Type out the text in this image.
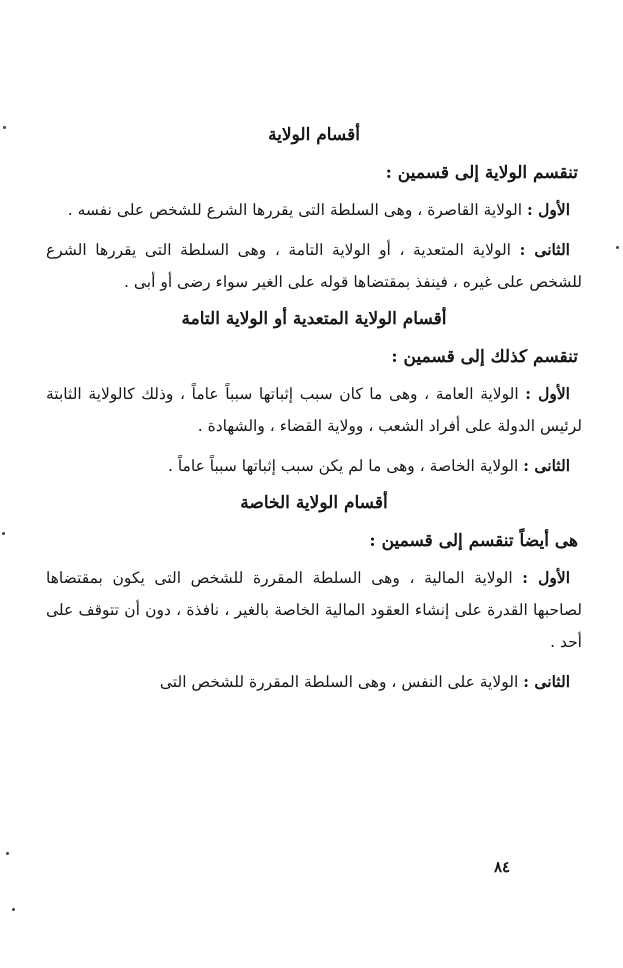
أقسام الولاية
تنقسم الولاية إلى قسمين :

الأول : الولاية القاصرة ، وهى السلطة التى يقررها الشرع للشخص على نفسه .

الثانى : الولاية المتعدية ، أو الولاية التامة ، وهى السلطة التى يقررها الشرع للشخص على غيره ، فينفذ بمقتضاها قوله على الغير سواء رضى أو أبى .

أقسام الولاية المتعدية أو الولاية التامة
تنقسم كذلك إلى قسمين :

الأول : الولاية العامة ، وهى ما كان سبب إثباتها سبباً عاماً ، وذلك كالولاية الثابتة لرئيس الدولة على أفراد الشعب ، وولاية القضاء ، والشهادة .

الثانى : الولاية الخاصة ، وهى ما لم يكن سبب إثباتها سبباً عاماً .

أقسام الولاية الخاصة
هى أيضاً تنقسم إلى قسمين :

الأول : الولاية المالية ، وهى السلطة المقررة للشخص التى يكون بمقتضاها لصاحبها القدرة على إنشاء العقود المالية الخاصة بالغير ، نافذة ، دون أن تتوقف على أحد .

الثانى : الولاية على النفس ، وهى السلطة المقررة للشخص التى

٨٤
